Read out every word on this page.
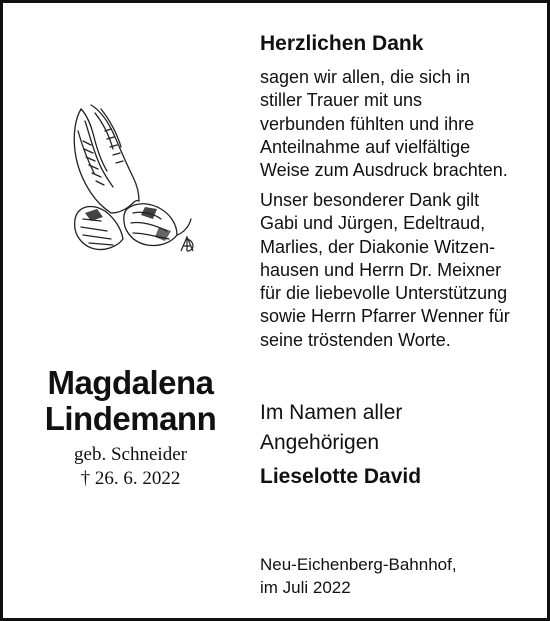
Magdalena
Lindemann
geb. Schneider
† 26. 6. 2022
Herzlichen Dank

sagen wir allen, die sich in
stiller Trauer mit uns
verbunden fühlten und ihre
Anteilnahme auf vielfältige
Weise zum Ausdruck brachten.

Unser besonderer Dank gilt
Gabi und Jürgen, Edeltraud,
Marlies, der Diakonie Witzen-
hausen und Herrn Dr. Meixner
für die liebevolle Unterstützung
sowie Herrn Pfarrer Wenner für
seine tröstenden Worte.

Im Namen aller
Angehörigen
Lieselotte David

Neu-Eichenberg-Bahnhof,

im Juli 2022
